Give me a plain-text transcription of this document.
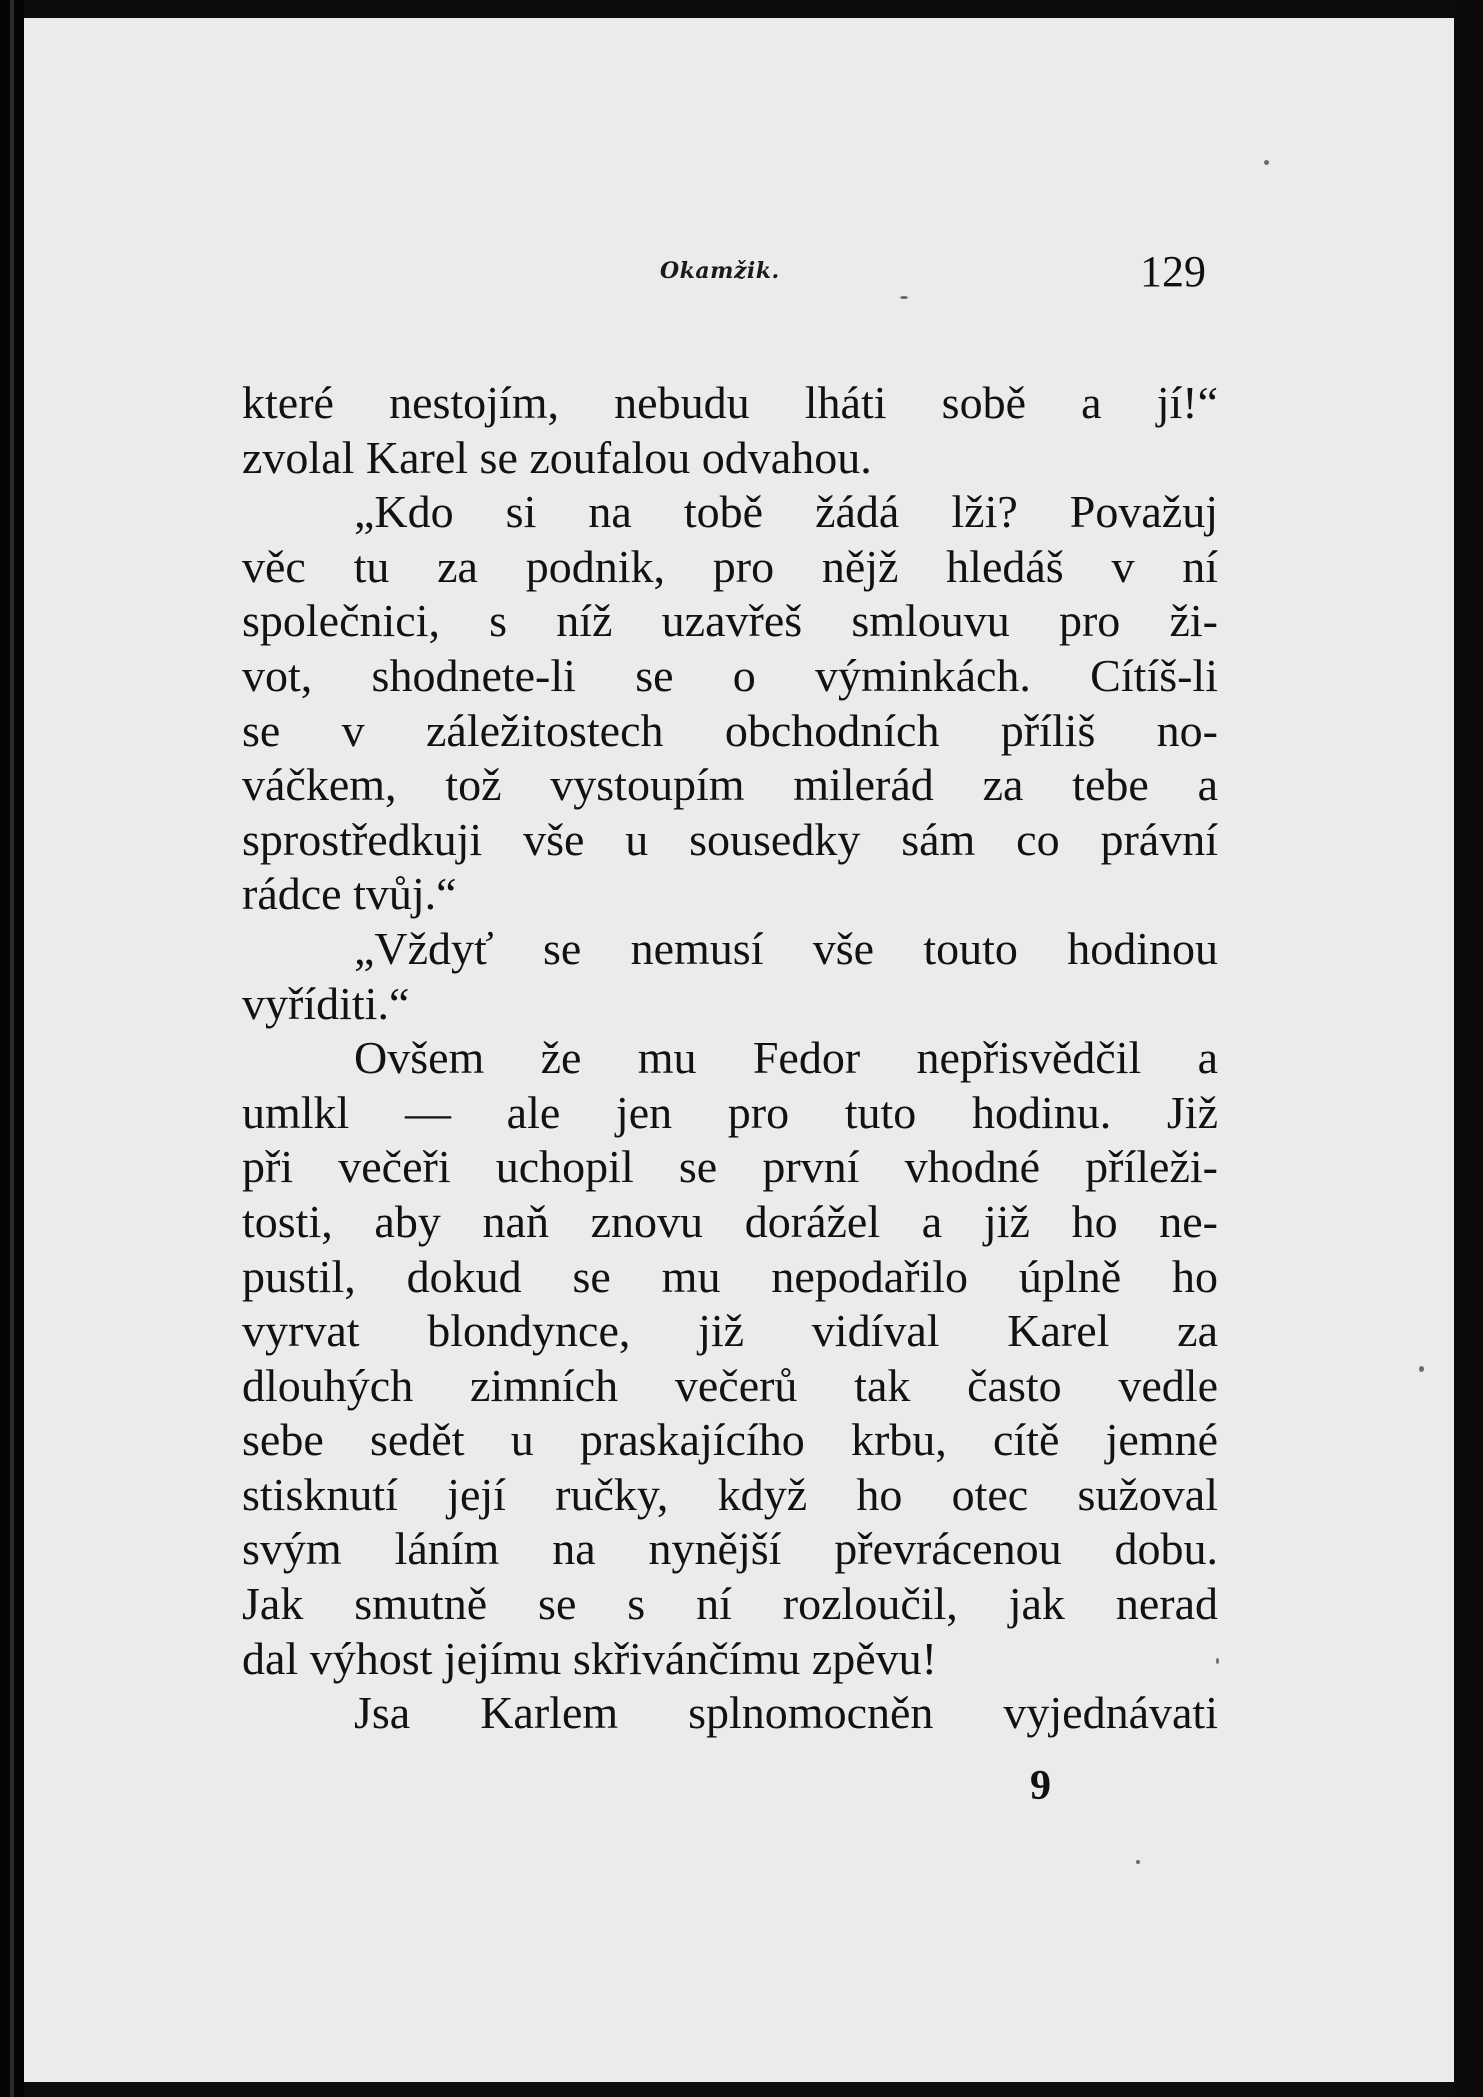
Okamžik.	129
které nestojím, nebudu lháti sobě a jí!“
zvolal Karel se zoufalou odvahou.
„Kdo si na tobě žádá lži? Považuj
věc tu za podnik, pro nějž hledáš v ní
společnici, s níž uzavřeš smlouvu pro ži-
vot, shodnete-li se o výminkách. Cítíš-li
se v záležitostech obchodních příliš no-
váčkem, tož vystoupím milerád za tebe a
sprostředkuji vše u sousedky sám co právní
rádce tvůj.“
„Vždyť se nemusí vše touto hodinou
vyříditi.“
Ovšem že mu Fedor nepřisvědčil a
umlkl — ale jen pro tuto hodinu. Již
při večeři uchopil se první vhodné příleži-
tosti, aby naň znovu dorážel a již ho ne-
pustil, dokud se mu nepodařilo úplně ho
vyrvat blondynce, již vidíval Karel za
dlouhých zimních večerů tak často vedle
sebe sedět u praskajícího krbu, cítě jemné
stisknutí její ručky, když ho otec sužoval
svým láním na nynější převrácenou dobu.
Jak smutně se s ní rozloučil, jak nerad
dal výhost jejímu skřivánčímu zpěvu!
Jsa Karlem splnomocněn vyjednávati
9
